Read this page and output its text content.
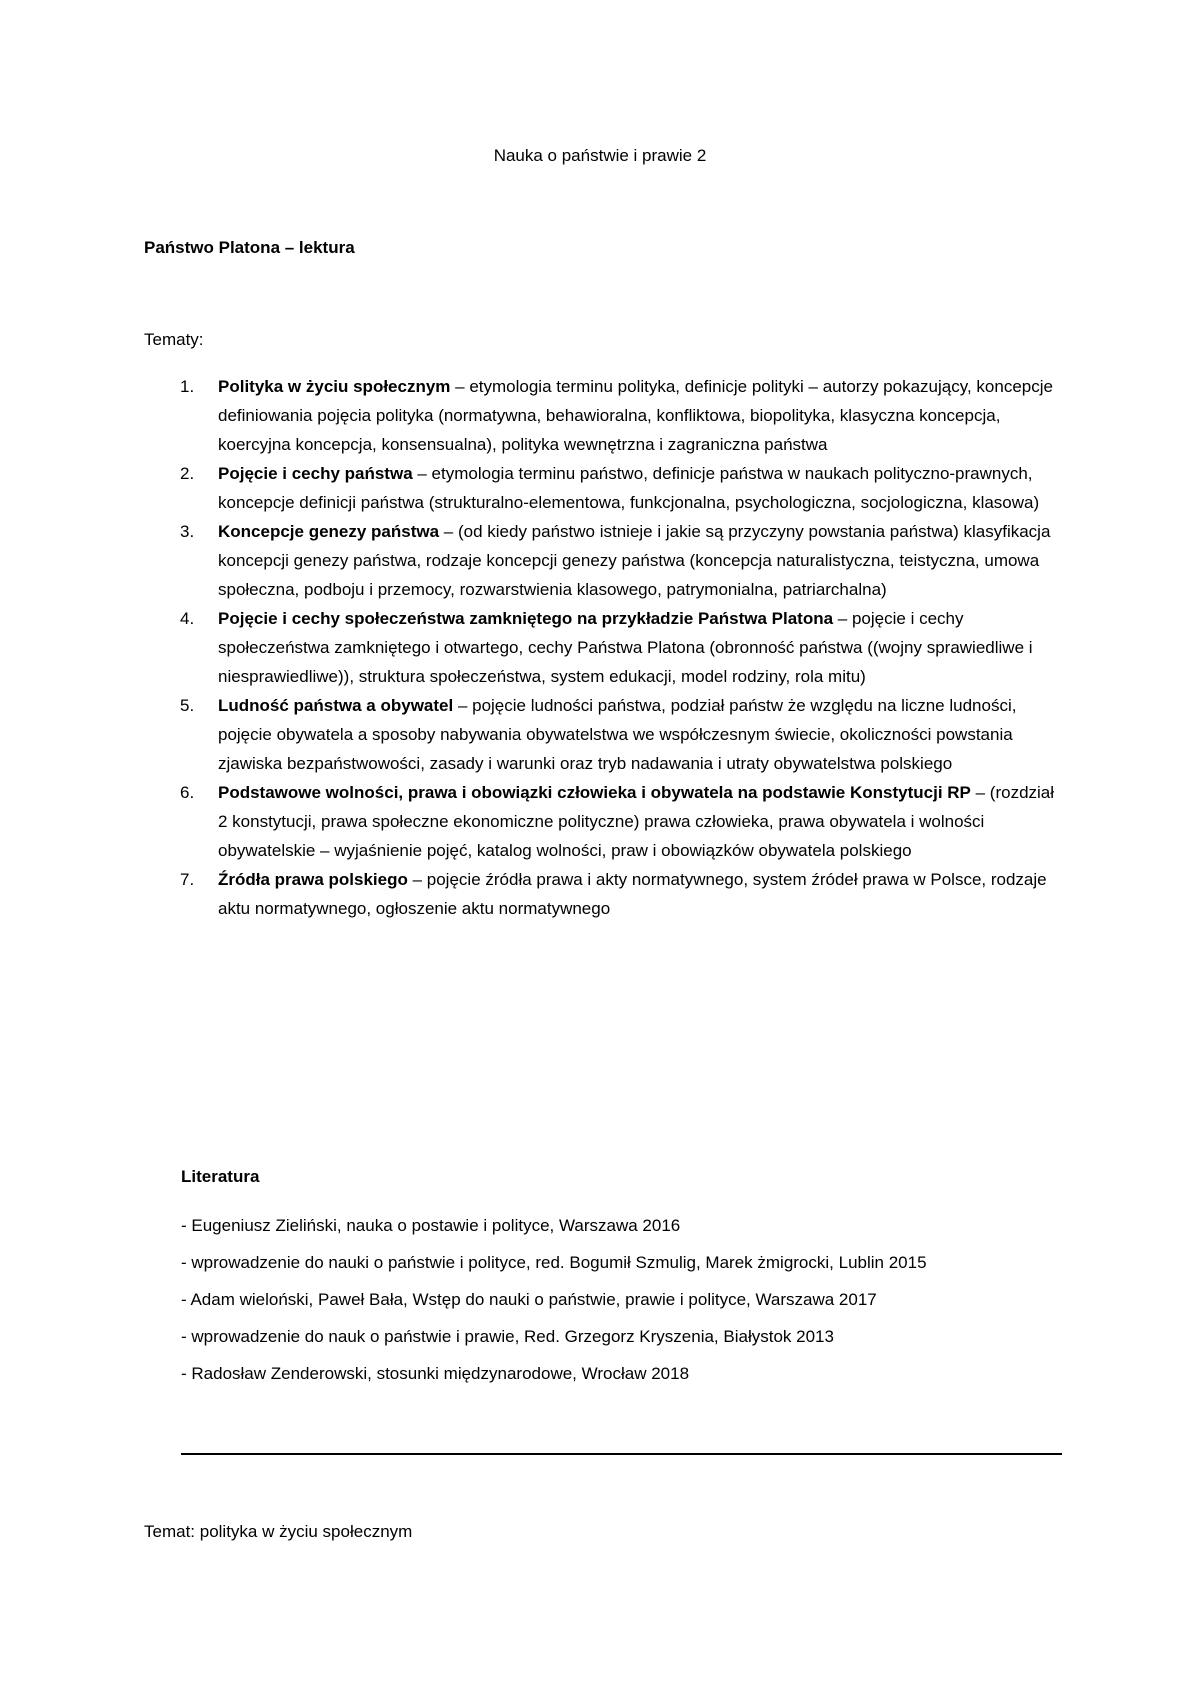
Nauka o państwie i prawie 2
Państwo Platona – lektura
Tematy:
1. Polityka w życiu społecznym – etymologia terminu polityka, definicje polityki – autorzy pokazujący, koncepcje definiowania pojęcia polityka (normatywna, behawioralna, konfliktowa, biopolityka, klasyczna koncepcja, koercyjna koncepcja, konsensualna), polityka wewnętrzna i zagraniczna państwa
2. Pojęcie i cechy państwa – etymologia terminu państwo, definicje państwa w naukach polityczno-prawnych, koncepcje definicji państwa (strukturalno-elementowa, funkcjonalna, psychologiczna, socjologiczna, klasowa)
3. Koncepcje genezy państwa – (od kiedy państwo istnieje i jakie są przyczyny powstania państwa) klasyfikacja koncepcji genezy państwa, rodzaje koncepcji genezy państwa (koncepcja naturalistyczna, teistyczna, umowa społeczna, podboju i przemocy, rozwarstwienia klasowego, patrymonialna, patriarchalna)
4. Pojęcie i cechy społeczeństwa zamkniętego na przykładzie Państwa Platona – pojęcie i cechy społeczeństwa zamkniętego i otwartego, cechy Państwa Platona (obronność państwa ((wojny sprawiedliwe i niesprawiedliwe)), struktura społeczeństwa, system edukacji, model rodziny, rola mitu)
5. Ludność państwa a obywatel – pojęcie ludności państwa, podział państw że względu na liczne ludności, pojęcie obywatela a sposoby nabywania obywatelstwa we współczesnym świecie, okoliczności powstania zjawiska bezpaństwowości, zasady i warunki oraz tryb nadawania i utraty obywatelstwa polskiego
6. Podstawowe wolności, prawa i obowiązki człowieka i obywatela na podstawie Konstytucji RP – (rozdział 2 konstytucji, prawa społeczne ekonomiczne polityczne) prawa człowieka, prawa obywatela i wolności obywatelskie – wyjaśnienie pojęć, katalog wolności, praw i obowiązków obywatela polskiego
7. Źródła prawa polskiego – pojęcie źródła prawa i akty normatywnego, system źródeł prawa w Polsce, rodzaje aktu normatywnego, ogłoszenie aktu normatywnego
Literatura

- Eugeniusz Zieliński, nauka o postawie i polityce, Warszawa 2016

- wprowadzenie do nauki o państwie i polityce, red. Bogumił Szmulig, Marek żmigrocki, Lublin 2015

- Adam wieloński, Paweł Bała, Wstęp do nauki o państwie, prawie i polityce, Warszawa 2017

- wprowadzenie do nauk o państwie i prawie, Red. Grzegorz Kryszenia, Białystok 2013

- Radosław Zenderowski, stosunki międzynarodowe, Wrocław 2018

Temat: polityka w życiu społecznym
